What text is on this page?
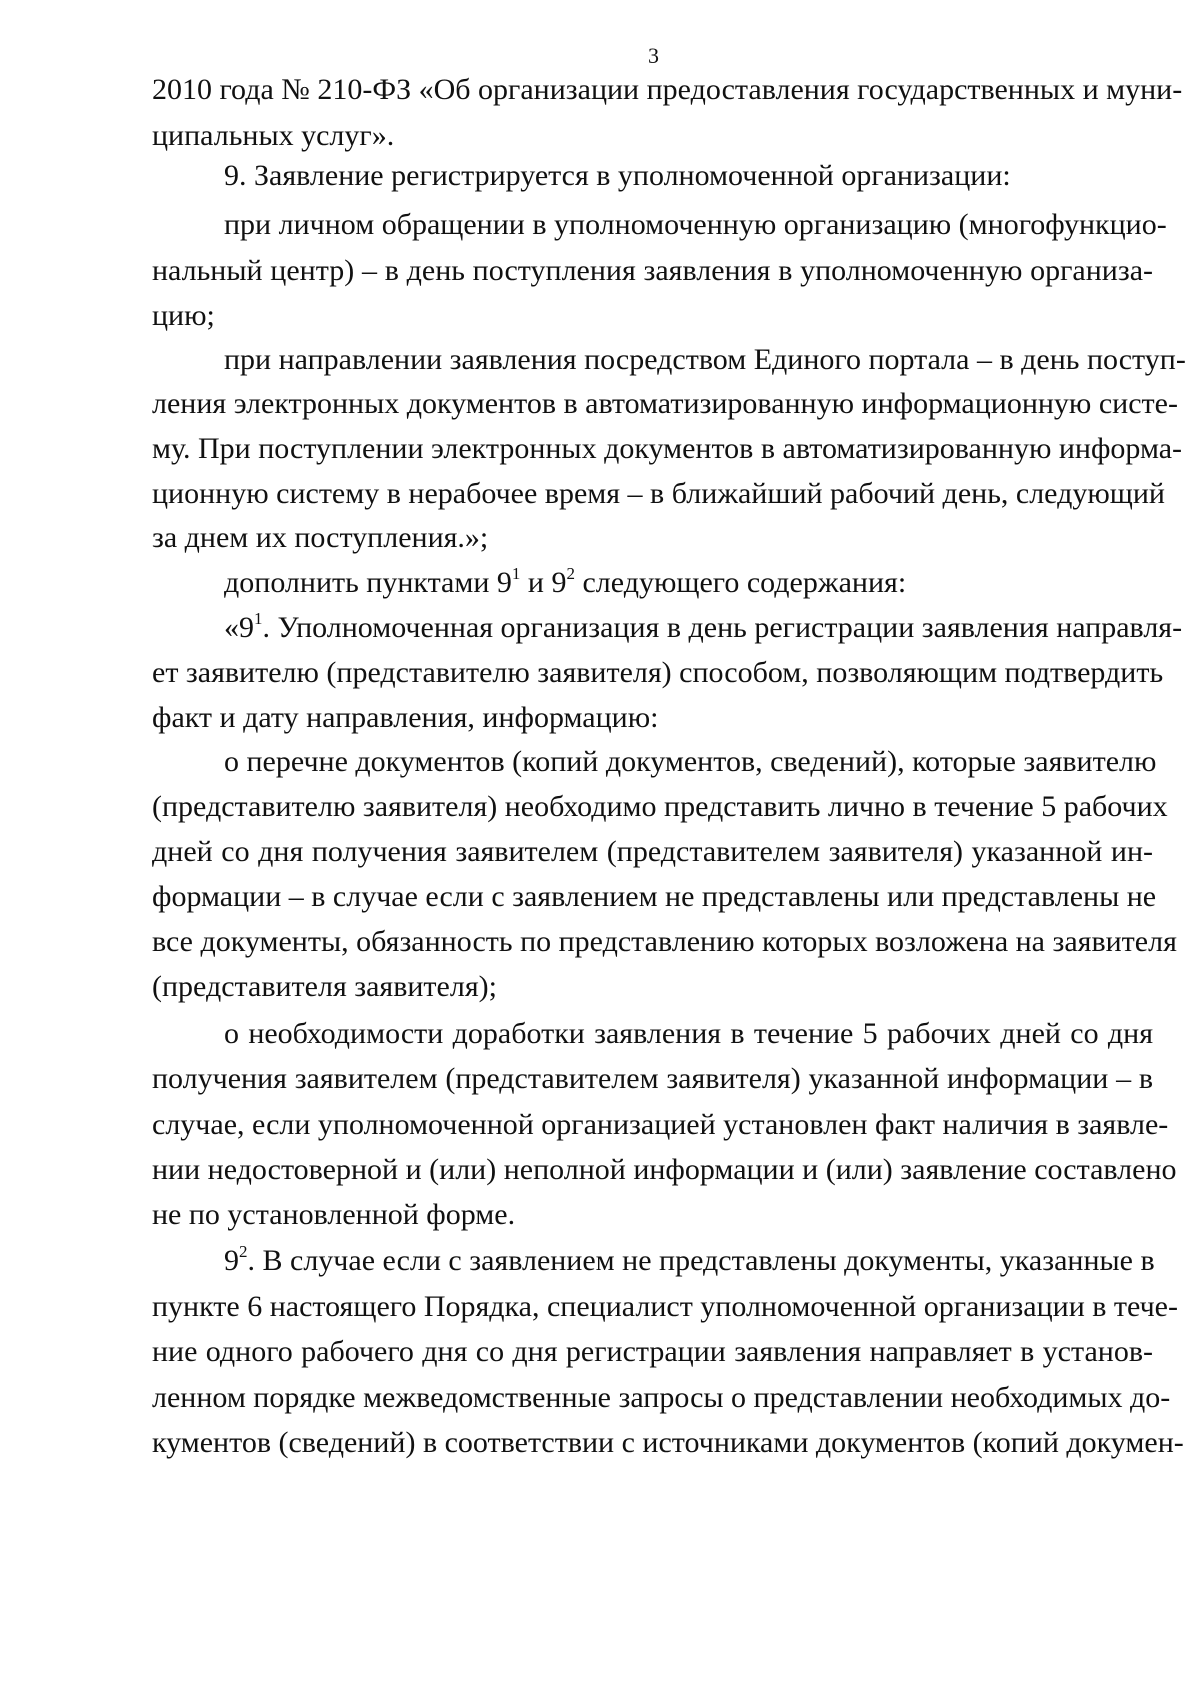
3
2010 года № 210-ФЗ «Об организации предоставления государственных и муни-
ципальных услуг».
9. Заявление регистрируется в уполномоченной организации:
при личном обращении в уполномоченную организацию (многофункцио-
нальный центр) – в день поступления заявления в уполномоченную организа-
цию;
при направлении заявления посредством Единого портала – в день поступ-
ления электронных документов в автоматизированную информационную систе-
му. При поступлении электронных документов в автоматизированную информа-
ционную систему в нерабочее время – в ближайший рабочий день, следующий
за днем их поступления.»;
дополнить пунктами $9^1$ и $9^2$ следующего содержания:
«$9^1$. Уполномоченная организация в день регистрации заявления направля-
ет заявителю (представителю заявителя) способом, позволяющим подтвердить
факт и дату направления, информацию:
о перечне документов (копий документов, сведений), которые заявителю
(представителю заявителя) необходимо представить лично в течение 5 рабочих
дней со дня получения заявителем (представителем заявителя) указанной ин-
формации – в случае если с заявлением не представлены или представлены не
все документы, обязанность по представлению которых возложена на заявителя
(представителя заявителя);
о необходимости доработки заявления в течение 5 рабочих дней со дня
получения заявителем (представителем заявителя) указанной информации – в
случае, если уполномоченной организацией установлен факт наличия в заявле-
нии недостоверной и (или) неполной информации и (или) заявление составлено
не по установленной форме.
$9^2$. В случае если с заявлением не представлены документы, указанные в
пункте 6 настоящего Порядка, специалист уполномоченной организации в тече-
ние одного рабочего дня со дня регистрации заявления направляет в установ-
ленном порядке межведомственные запросы о представлении необходимых до-
кументов (сведений) в соответствии с источниками документов (копий докумен-
